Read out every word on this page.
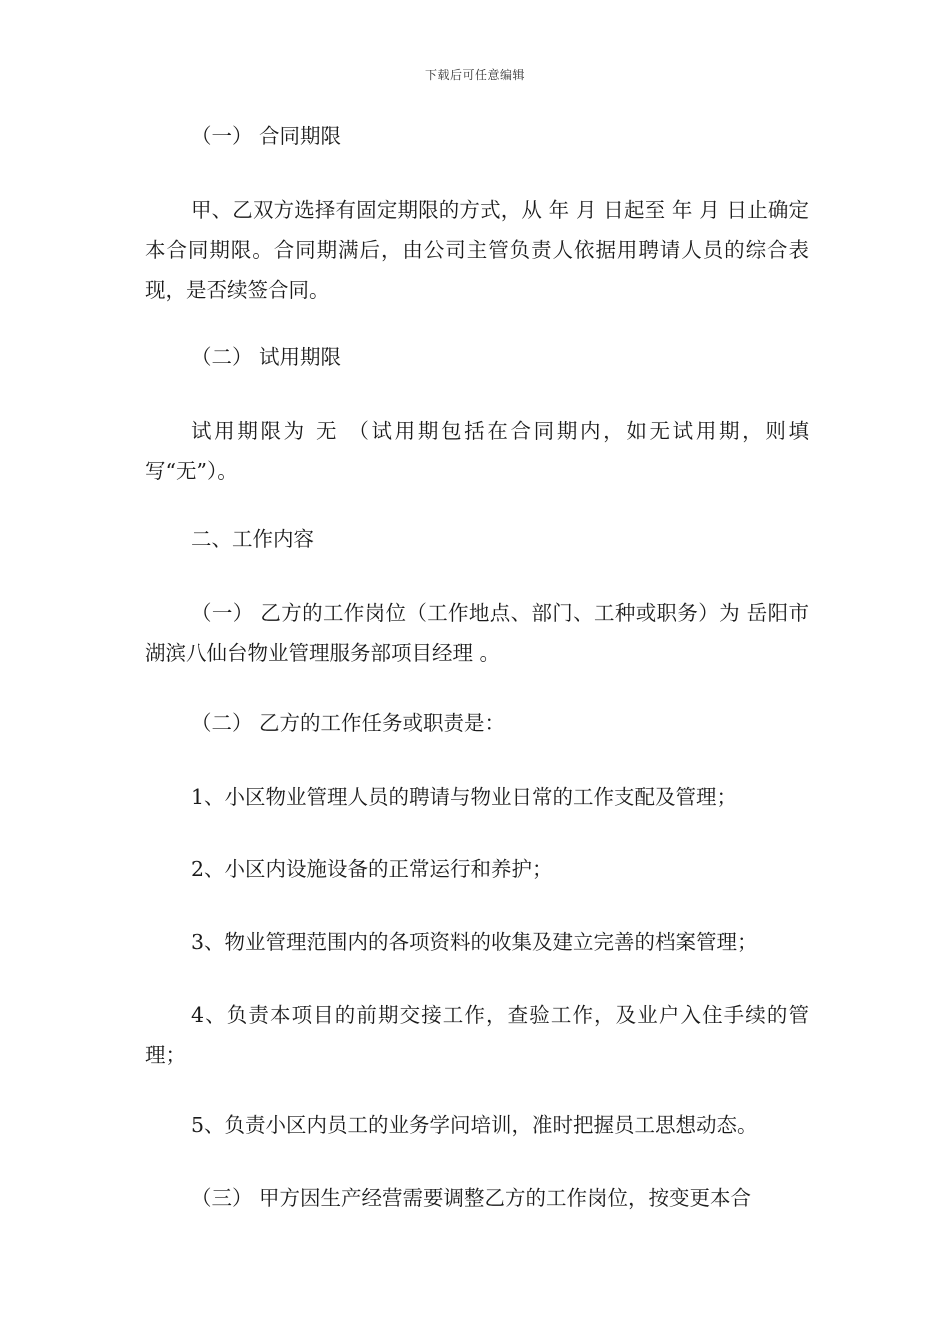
下载后可任意编辑

（一） 合同期限

甲、乙双方选择有固定期限的方式，从 年 月 日起至 年 月 日止确定本合同期限。合同期满后，由公司主管负责人依据用聘请人员的综合表现，是否续签合同。

（二） 试用期限

试用期限为 无 （试用期包括在合同期内，如无试用期，则填写“无”）。

二、工作内容

（一） 乙方的工作岗位（工作地点、部门、工种或职务）为 岳阳市湖滨八仙台物业管理服务部项目经理 。

（二） 乙方的工作任务或职责是：

1、小区物业管理人员的聘请与物业日常的工作支配及管理；

2、小区内设施设备的正常运行和养护；

3、物业管理范围内的各项资料的收集及建立完善的档案管理；

4、负责本项目的前期交接工作，查验工作，及业户入住手续的管理；

5、负责小区内员工的业务学问培训，准时把握员工思想动态。

（三） 甲方因生产经营需要调整乙方的工作岗位，按变更本合
